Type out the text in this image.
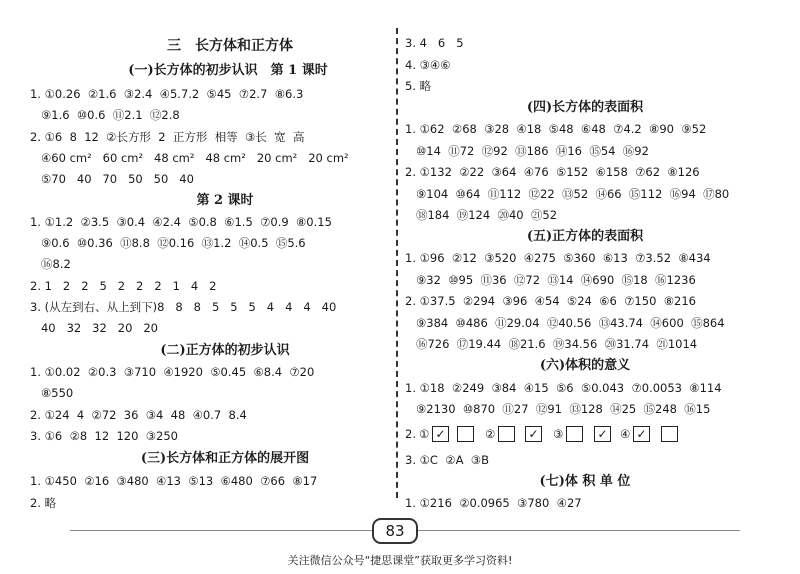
三　长方体和正方体
(一)长方体的初步认识　第 1 课时
1. ①0.26  ②1.6  ③2.4  ④5.7.2  ⑤45  ⑦2.7  ⑧6.3
⑨1.6  ⑩0.6  ⑪2.1  ⑫2.8
2. ①6  8  12  ②长方形  2  正方形  相等  ③长  宽  高
④60 cm²   60 cm²   48 cm²   48 cm²   20 cm²   20 cm²
⑤70   40   70   50   50   40
第 2 课时
1. ①1.2  ②3.5  ③0.4  ④2.4  ⑤0.8  ⑥1.5  ⑦0.9  ⑧0.15
⑨0.6  ⑩0.36  ⑪8.8  ⑫0.16  ⑬1.2  ⑭0.5  ⑮5.6
⑯8.2
2. 1   2   2   5   2   2   2   1   4   2
3. (从左到右、从上到下)8   8   8   5   5   5   4   4   4   40
40   32   32   20   20
(二)正方体的初步认识
1. ①0.02  ②0.3  ③710  ④1920  ⑤0.45  ⑥8.4  ⑦20
⑧550
2. ①24  4  ②72  36  ③4  48  ④0.7  8.4
3. ①6  ②8  12  120  ③250
(三)长方体和正方体的展开图
1. ①450  ②16  ③480  ④13  ⑤13  ⑥480  ⑦66  ⑧17
2. 略
3. 4   6   5
4. ③④⑥
5. 略
(四)长方体的表面积
1. ①62  ②68  ③28  ④18  ⑤48  ⑥48  ⑦4.2  ⑧90  ⑨52
⑩14  ⑪72  ⑫92  ⑬186  ⑭16  ⑮54  ⑯92
2. ①132  ②22  ③64  ④76  ⑤152  ⑥158  ⑦62  ⑧126
⑨104  ⑩64  ⑪112  ⑫22  ⑬52  ⑭66  ⑮112  ⑯94  ⑰80
⑱184  ⑲124  ⑳40  ㉑52
(五)正方体的表面积
1. ①96  ②12  ③520  ④275  ⑤360  ⑥13  ⑦3.52  ⑧434
⑨32  ⑩95  ⑪36  ⑫72  ⑬14  ⑭690  ⑮18  ⑯1236
2. ①37.5  ②294  ③96  ④54  ⑤24  ⑥6  ⑦150  ⑧216
⑨384  ⑩486  ⑪29.04  ⑫40.56  ⑬43.74  ⑭600  ⑮864
⑯726  ⑰19.44  ⑱21.6  ⑲34.56  ⑳31.74  ㉑1014
(六)体积的意义
1. ①18  ②249  ③84  ④15  ⑤6  ⑤0.043  ⑦0.0053  ⑧114
⑨2130  ⑩870  ⑪27  ⑫91  ⑬128  ⑭25  ⑮248  ⑯15
3. ①C  ②A  ③B
(七)体 积 单 位
1. ①216  ②0.0965  ③780  ④27
2. ① ✓	②	✓	③	✓	④ ✓
83
关注微信公众号“捷思课堂”获取更多学习资料!
